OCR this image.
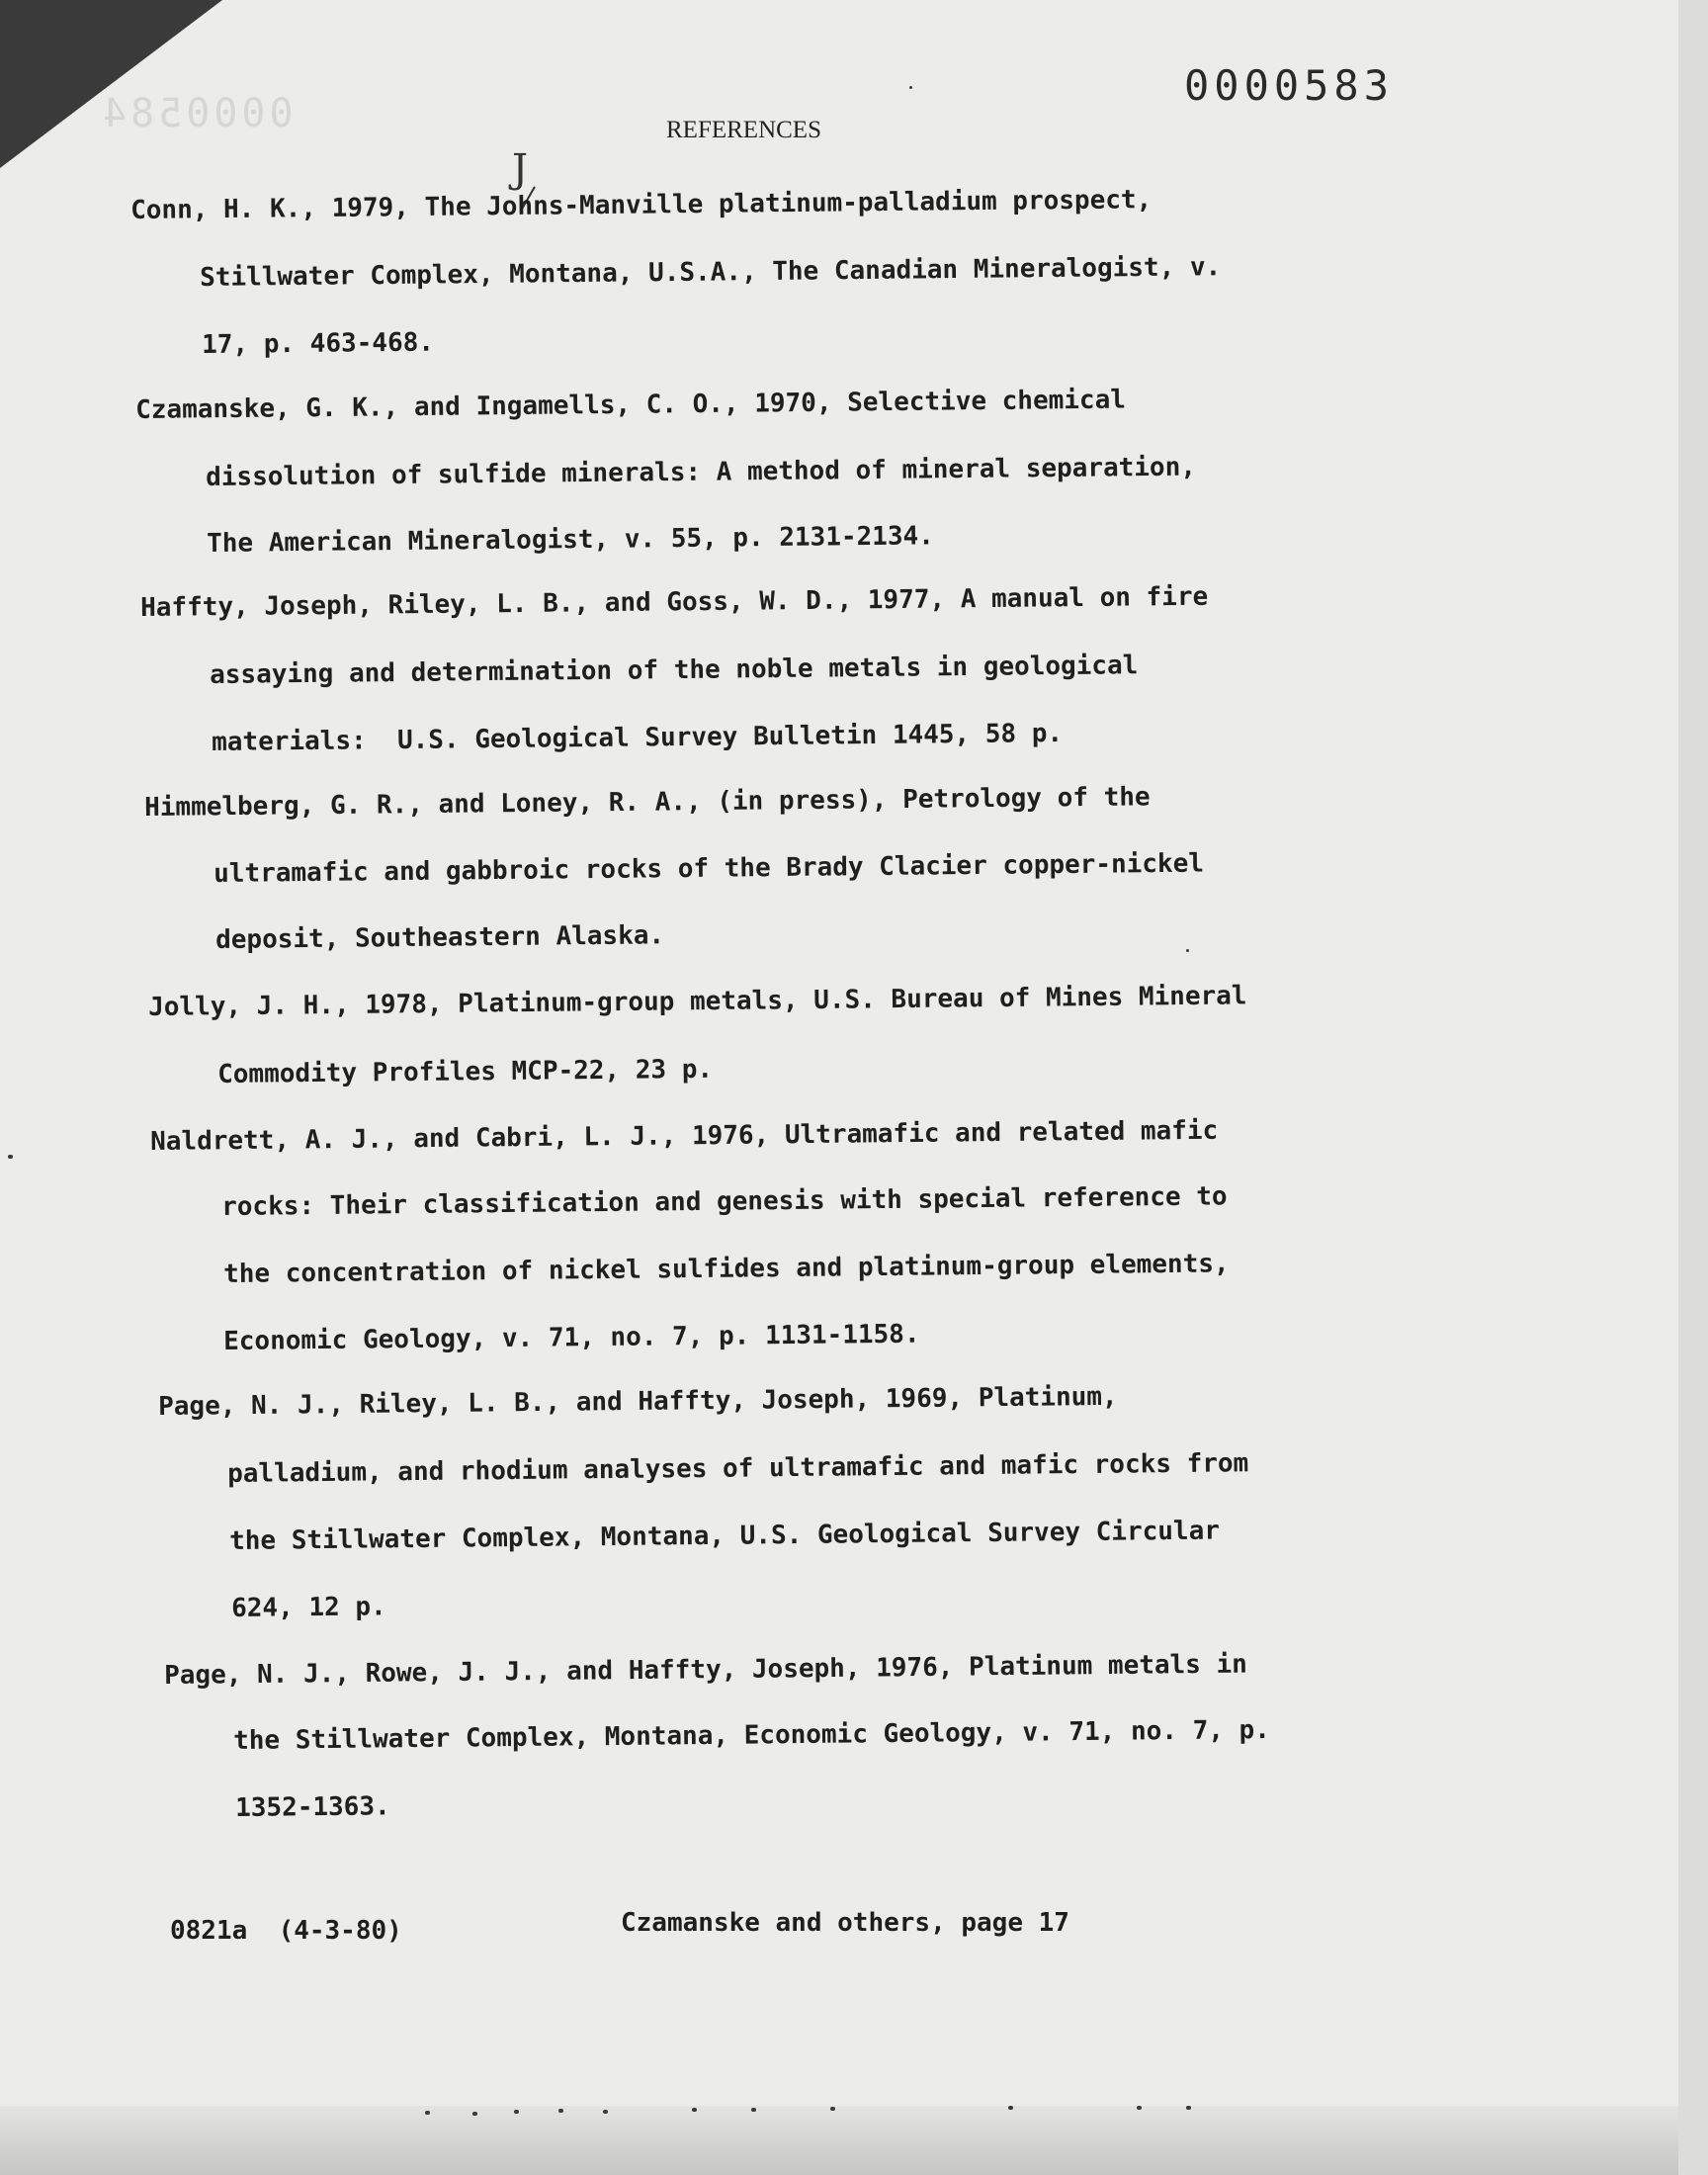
0000584
0000583
REFERENCES
J
Conn, H. K., 1979, The Johns-Manville platinum-palladium prospect,
Stillwater Complex, Montana, U.S.A., The Canadian Mineralogist, v.
17, p. 463-468.
Czamanske, G. K., and Ingamells, C. O., 1970, Selective chemical
dissolution of sulfide minerals: A method of mineral separation,
The American Mineralogist, v. 55, p. 2131-2134.
Haffty, Joseph, Riley, L. B., and Goss, W. D., 1977, A manual on fire
assaying and determination of the noble metals in geological
materials:  U.S. Geological Survey Bulletin 1445, 58 p.
Himmelberg, G. R., and Loney, R. A., (in press), Petrology of the
ultramafic and gabbroic rocks of the Brady Clacier copper-nickel
deposit, Southeastern Alaska.
Jolly, J. H., 1978, Platinum-group metals, U.S. Bureau of Mines Mineral
Commodity Profiles MCP-22, 23 p.
Naldrett, A. J., and Cabri, L. J., 1976, Ultramafic and related mafic
rocks: Their classification and genesis with special reference to
the concentration of nickel sulfides and platinum-group elements,
Economic Geology, v. 71, no. 7, p. 1131-1158.
Page, N. J., Riley, L. B., and Haffty, Joseph, 1969, Platinum,
palladium, and rhodium analyses of ultramafic and mafic rocks from
the Stillwater Complex, Montana, U.S. Geological Survey Circular
624, 12 p.
Page, N. J., Rowe, J. J., and Haffty, Joseph, 1976, Platinum metals in
the Stillwater Complex, Montana, Economic Geology, v. 71, no. 7, p.
1352-1363.
0821a  (4-3-80)	Czamanske and others, page 17
